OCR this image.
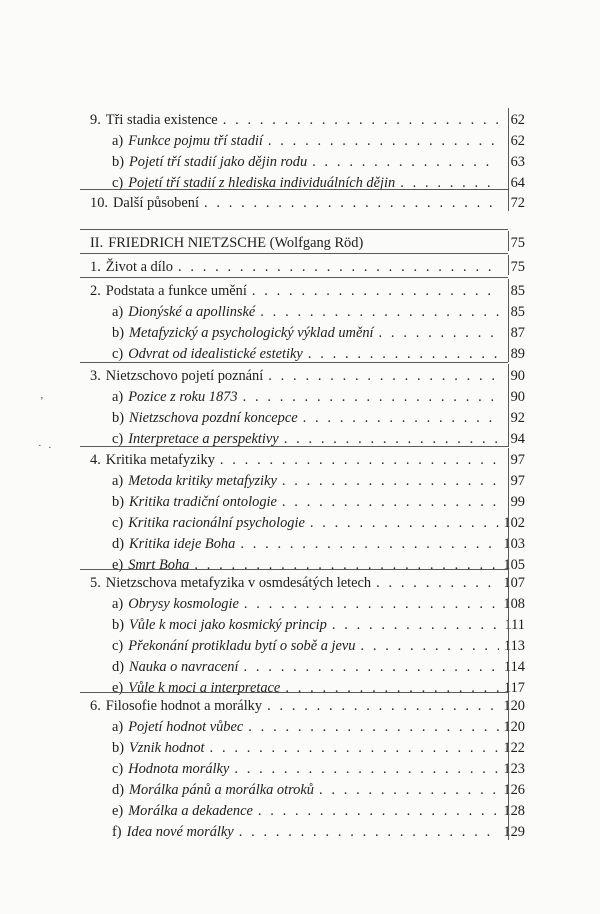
9. Tři stadia existence . . .	62
a) Funkce pojmu tří stadií . . .	62
b) Pojetí tří stadií jako dějin rodu . . .	63
c) Pojetí tří stadií z hlediska individuálních dějin . . .	64
10. Další působení . . .	72
II. FRIEDRICH NIETZSCHE (Wolfgang Röd)	75
1. Život a dílo . . .	75
2. Podstata a funkce umění . . .	85
a) Dionýské a apollinské . . .	85
b) Metafyzický a psychologický výklad umění . . .	87
c) Odvrat od idealistické estetiky . . .	89
3. Nietzschovo pojetí poznání . . .	90
a) Pozice z roku 1873 . . .	90
b) Nietzschova pozdní koncepce . . .	92
c) Interpretace a perspektivy . . .	94
4. Kritika metafyziky . . .	97
a) Metoda kritiky metafyziky . . .	97
b) Kritika tradiční ontologie . . .	99
c) Kritika racionální psychologie . . .	102
d) Kritika ideje Boha . . .	103
e) Smrt Boha . . .	105
5. Nietzschova metafyzika v osmdesátých letech . . .	107
a) Obrysy kosmologie . . .	108
b) Vůle k moci jako kosmický princip . . .	111
c) Překonání protikladu bytí o sobě a jevu . . .	113
d) Nauka o navracení . . .	114
e) Vůle k moci a interpretace . . .	117
6. Filosofie hodnot a morálky . . .	120
a) Pojetí hodnot vůbec . . .	120
b) Vznik hodnot . . .	122
c) Hodnota morálky . . .	123
d) Morálka pánů a morálka otroků . . .	126
e) Morálka a dekadence . . .	128
f) Idea nové morálky . . .	129
’
· ·
